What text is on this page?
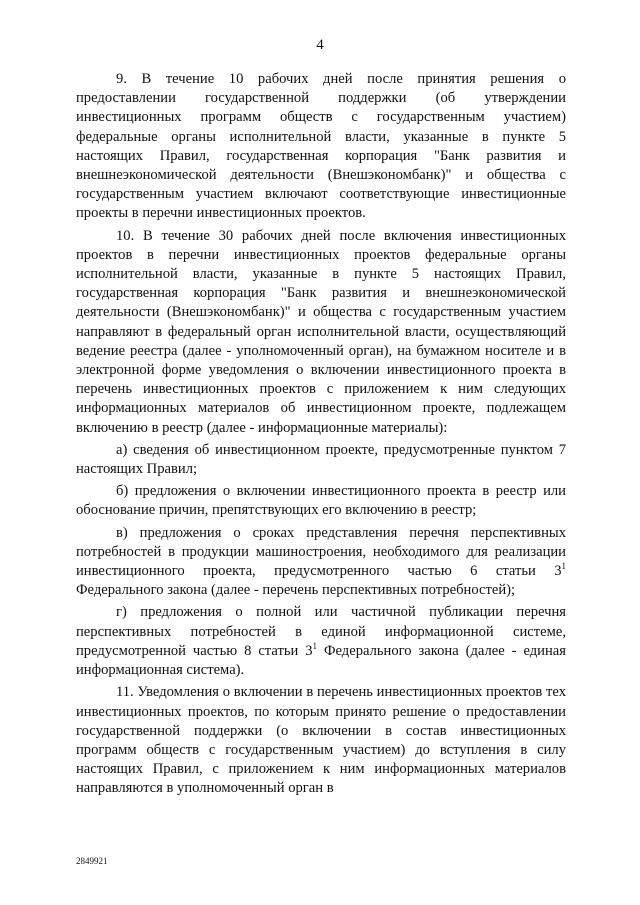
4

9. В течение 10 рабочих дней после принятия решения о предоставлении государственной поддержки (об утверждении инвестиционных программ обществ с государственным участием) федеральные органы исполнительной власти, указанные в пункте 5 настоящих Правил, государственная корпорация "Банк развития и внешнеэкономической деятельности (Внешэкономбанк)" и общества с государственным участием включают соответствующие инвестиционные проекты в перечни инвестиционных проектов.

10. В течение 30 рабочих дней после включения инвестиционных проектов в перечни инвестиционных проектов федеральные органы исполнительной власти, указанные в пункте 5 настоящих Правил, государственная корпорация "Банк развития и внешнеэкономической деятельности (Внешэкономбанк)" и общества с государственным участием направляют в федеральный орган исполнительной власти, осуществляющий ведение реестра (далее - уполномоченный орган), на бумажном носителе и в электронной форме уведомления о включении инвестиционного проекта в перечень инвестиционных проектов с приложением к ним следующих информационных материалов об инвестиционном проекте, подлежащем включению в реестр (далее - информационные материалы):

а) сведения об инвестиционном проекте, предусмотренные пунктом 7 настоящих Правил;

б) предложения о включении инвестиционного проекта в реестр или обоснование причин, препятствующих его включению в реестр;

в) предложения о сроках представления перечня перспективных потребностей в продукции машиностроения, необходимого для реализации инвестиционного проекта, предусмотренного частью 6 статьи $3^1$ Федерального закона (далее - перечень перспективных потребностей);

г) предложения о полной или частичной публикации перечня перспективных потребностей в единой информационной системе, предусмотренной частью 8 статьи $3^1$ Федерального закона (далее - единая информационная система).

11. Уведомления о включении в перечень инвестиционных проектов тех инвестиционных проектов, по которым принято решение о предоставлении государственной поддержки (о включении в состав инвестиционных программ обществ с государственным участием) до вступления в силу настоящих Правил, с приложением к ним информационных материалов направляются в уполномоченный орган в

2849921
